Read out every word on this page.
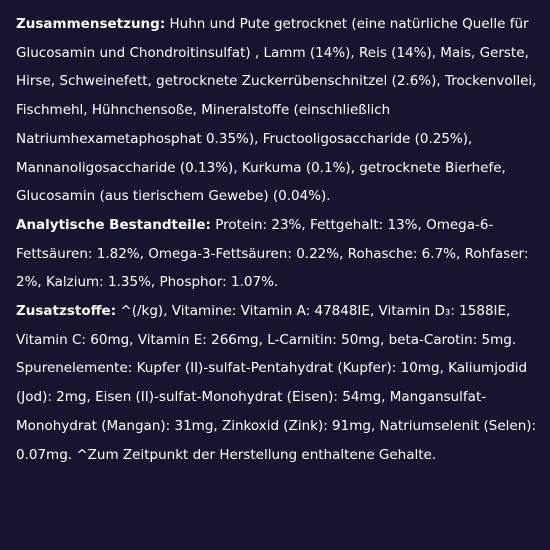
Zusammensetzung: Huhn und Pute getrocknet (eine natürliche Quelle für Glucosamin und Chondroitinsulfat) , Lamm (14%), Reis (14%), Mais, Gerste, Hirse, Schweinefett, getrocknete Zuckerrübenschnitzel (2.6%), Trockenvollei, Fischmehl, Hühnchensoße, Mineralstoffe (einschließlich Natriumhexametaphosphat 0.35%), Fructooligosaccharide (0.25%), Mannanoligosaccharide (0.13%), Kurkuma (0.1%), getrocknete Bierhefe, Glucosamin (aus tierischem Gewebe) (0.04%).

Analytische Bestandteile: Protein: 23%, Fettgehalt: 13%, Omega-6-Fettsäuren: 1.82%, Omega-3-Fettsäuren: 0.22%, Rohasche: 6.7%, Rohfaser: 2%, Kalzium: 1.35%, Phosphor: 1.07%.

Zusatzstoffe: ^(/kg), Vitamine: Vitamin A: 47848IE, Vitamin D₃: 1588IE, Vitamin C: 60mg, Vitamin E: 266mg, L-Carnitin: 50mg, beta-Carotin: 5mg. Spurenelemente: Kupfer (II)-sulfat-Pentahydrat (Kupfer): 10mg, Kaliumjodid (Jod): 2mg, Eisen (II)-sulfat-Monohydrat (Eisen): 54mg, Mangansulfat-Monohydrat (Mangan): 31mg, Zinkoxid (Zink): 91mg, Natriumselenit (Selen): 0.07mg. ^Zum Zeitpunkt der Herstellung enthaltene Gehalte.
